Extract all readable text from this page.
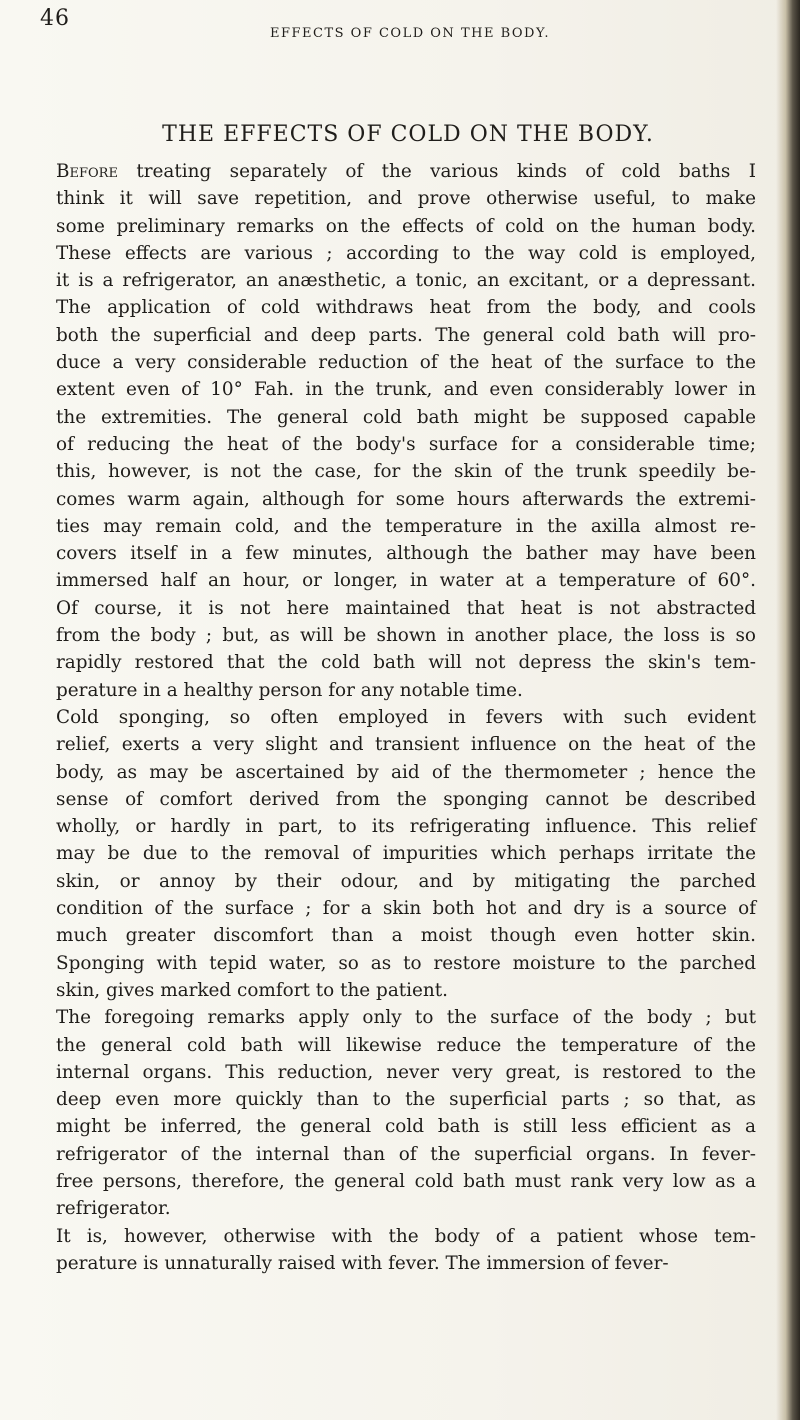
46
EFFECTS OF COLD ON THE BODY.
THE EFFECTS OF COLD ON THE BODY.
Before treating separately of the various kinds of cold baths I
think it will save repetition, and prove otherwise useful, to make
some preliminary remarks on the effects of cold on the human body.
These effects are various ; according to the way cold is employed,
it is a refrigerator, an anæsthetic, a tonic, an excitant, or a depressant.
The application of cold withdraws heat from the body, and cools
both the superficial and deep parts. The general cold bath will pro-
duce a very considerable reduction of the heat of the surface to the
extent even of 10° Fah. in the trunk, and even considerably lower in
the extremities. The general cold bath might be supposed capable
of reducing the heat of the body's surface for a considerable time;
this, however, is not the case, for the skin of the trunk speedily be-
comes warm again, although for some hours afterwards the extremi-
ties may remain cold, and the temperature in the axilla almost re-
covers itself in a few minutes, although the bather may have been
immersed half an hour, or longer, in water at a temperature of 60°.
Of course, it is not here maintained that heat is not abstracted
from the body ; but, as will be shown in another place, the loss is so
rapidly restored that the cold bath will not depress the skin's tem-
perature in a healthy person for any notable time.
Cold sponging, so often employed in fevers with such evident
relief, exerts a very slight and transient influence on the heat of the
body, as may be ascertained by aid of the thermometer ; hence the
sense of comfort derived from the sponging cannot be described
wholly, or hardly in part, to its refrigerating influence. This relief
may be due to the removal of impurities which perhaps irritate the
skin, or annoy by their odour, and by mitigating the parched
condition of the surface ; for a skin both hot and dry is a source of
much greater discomfort than a moist though even hotter skin.
Sponging with tepid water, so as to restore moisture to the parched
skin, gives marked comfort to the patient.
The foregoing remarks apply only to the surface of the body ; but
the general cold bath will likewise reduce the temperature of the
internal organs. This reduction, never very great, is restored to the
deep even more quickly than to the superficial parts ; so that, as
might be inferred, the general cold bath is still less efficient as a
refrigerator of the internal than of the superficial organs. In fever-
free persons, therefore, the general cold bath must rank very low as a
refrigerator.
It is, however, otherwise with the body of a patient whose tem-
perature is unnaturally raised with fever. The immersion of fever-
